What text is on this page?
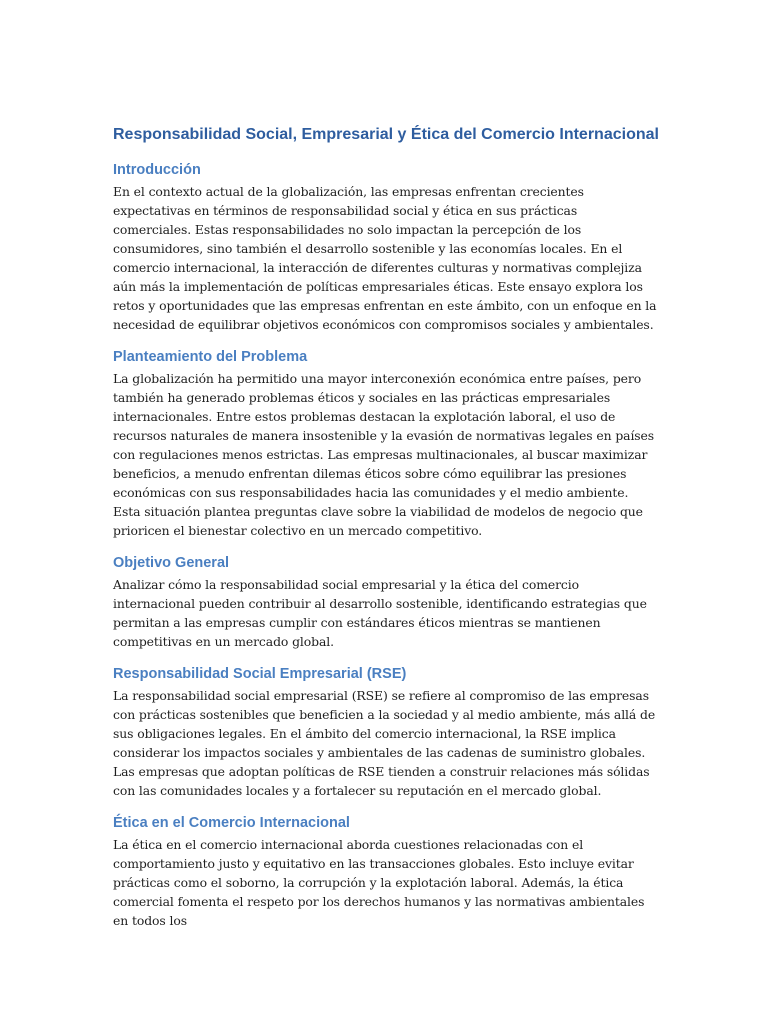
Responsabilidad Social, Empresarial y Ética del Comercio Internacional
Introducción

En el contexto actual de la globalización, las empresas enfrentan crecientes expectativas en términos de responsabilidad social y ética en sus prácticas comerciales. Estas responsabilidades no solo impactan la percepción de los consumidores, sino también el desarrollo sostenible y las economías locales. En el comercio internacional, la interacción de diferentes culturas y normativas complejiza aún más la implementación de políticas empresariales éticas. Este ensayo explora los retos y oportunidades que las empresas enfrentan en este ámbito, con un enfoque en la necesidad de equilibrar objetivos económicos con compromisos sociales y ambientales.

Planteamiento del Problema

La globalización ha permitido una mayor interconexión económica entre países, pero también ha generado problemas éticos y sociales en las prácticas empresariales internacionales. Entre estos problemas destacan la explotación laboral, el uso de recursos naturales de manera insostenible y la evasión de normativas legales en países con regulaciones menos estrictas. Las empresas multinacionales, al buscar maximizar beneficios, a menudo enfrentan dilemas éticos sobre cómo equilibrar las presiones económicas con sus responsabilidades hacia las comunidades y el medio ambiente. Esta situación plantea preguntas clave sobre la viabilidad de modelos de negocio que prioricen el bienestar colectivo en un mercado competitivo.

Objetivo General

Analizar cómo la responsabilidad social empresarial y la ética del comercio internacional pueden contribuir al desarrollo sostenible, identificando estrategias que permitan a las empresas cumplir con estándares éticos mientras se mantienen competitivas en un mercado global.

Responsabilidad Social Empresarial (RSE)

La responsabilidad social empresarial (RSE) se refiere al compromiso de las empresas con prácticas sostenibles que beneficien a la sociedad y al medio ambiente, más allá de sus obligaciones legales. En el ámbito del comercio internacional, la RSE implica considerar los impactos sociales y ambientales de las cadenas de suministro globales. Las empresas que adoptan políticas de RSE tienden a construir relaciones más sólidas con las comunidades locales y a fortalecer su reputación en el mercado global.

Ética en el Comercio Internacional

La ética en el comercio internacional aborda cuestiones relacionadas con el comportamiento justo y equitativo en las transacciones globales. Esto incluye evitar prácticas como el soborno, la corrupción y la explotación laboral. Además, la ética comercial fomenta el respeto por los derechos humanos y las normativas ambientales en todos los
